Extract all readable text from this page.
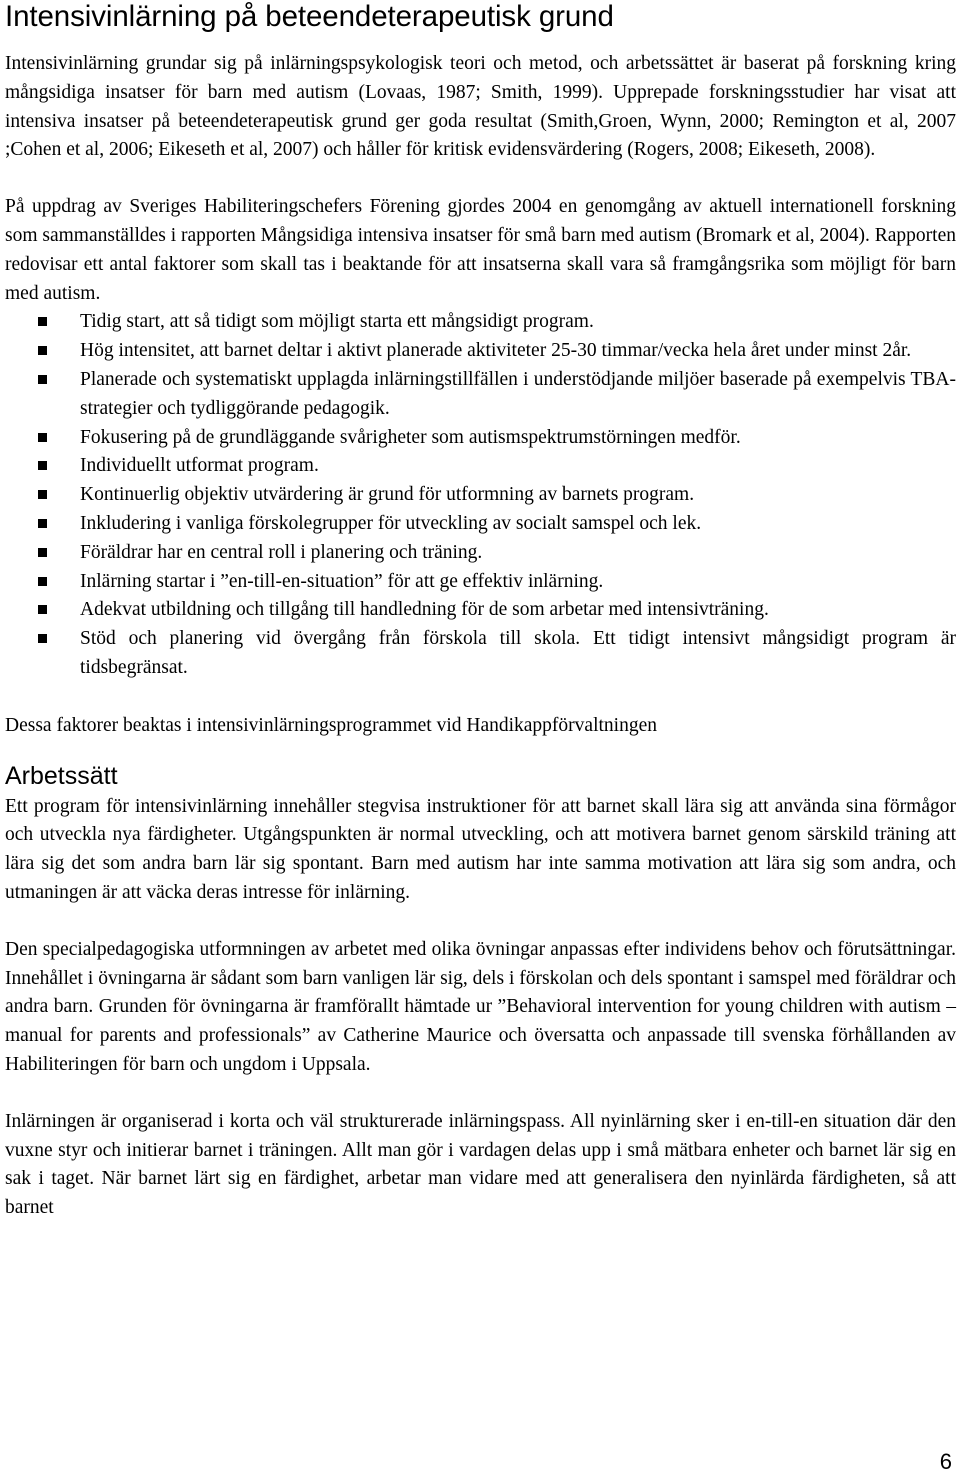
Intensivinlärning på beteendeterapeutisk grund

Intensivinlärning grundar sig på inlärningspsykologisk teori och metod, och arbetssättet är baserat på forskning kring mångsidiga insatser för barn med autism (Lovaas, 1987; Smith, 1999). Upprepade forskningsstudier har visat att intensiva insatser på beteendeterapeutisk grund ger goda resultat (Smith,Groen, Wynn, 2000; Remington et al, 2007 ;Cohen et al, 2006; Eikeseth et al, 2007) och håller för kritisk evidensvärdering (Rogers, 2008; Eikeseth, 2008).

På uppdrag av Sveriges Habiliteringschefers Förening gjordes 2004 en genomgång av aktuell internationell forskning som sammanställdes i rapporten Mångsidiga intensiva insatser för små barn med autism (Bromark et al, 2004). Rapporten redovisar ett antal faktorer som skall tas i beaktande för att insatserna skall vara så framgångsrika som möjligt för barn med autism.

Tidig start, att så tidigt som möjligt starta ett mångsidigt program.
Hög intensitet, att barnet deltar i aktivt planerade aktiviteter 25-30 timmar/vecka hela året under minst 2år.
Planerade och systematiskt upplagda inlärningstillfällen i understödjande miljöer baserade på exempelvis TBA-strategier och tydliggörande pedagogik.
Fokusering på de grundläggande svårigheter som autismspektrumstörningen medför.
Individuellt utformat program.
Kontinuerlig objektiv utvärdering är grund för utformning av barnets program.
Inkludering i vanliga förskolegrupper för utveckling av socialt samspel och lek.
Föräldrar har en central roll i planering och träning.
Inlärning startar i ”en-till-en-situation” för att ge effektiv inlärning.
Adekvat utbildning och tillgång till handledning för de som arbetar med intensivträning.
Stöd och planering vid övergång från förskola till skola. Ett tidigt intensivt mångsidigt program är tidsbegränsat.

Dessa faktorer beaktas i intensivinlärningsprogrammet vid Handikappförvaltningen

Arbetssätt

Ett program för intensivinlärning innehåller stegvisa instruktioner för att barnet skall lära sig att använda sina förmågor och utveckla nya färdigheter. Utgångspunkten är normal utveckling, och att motivera barnet genom särskild träning att lära sig det som andra barn lär sig spontant. Barn med autism har inte samma motivation att lära sig som andra, och utmaningen är att väcka deras intresse för inlärning.

Den specialpedagogiska utformningen av arbetet med olika övningar anpassas efter individens behov och förutsättningar. Innehållet i övningarna är sådant som barn vanligen lär sig, dels i förskolan och dels spontant i samspel med föräldrar och andra barn. Grunden för övningarna är framförallt hämtade ur ”Behavioral intervention for young children with autism – manual for parents and professionals” av Catherine Maurice och översatta och anpassade till svenska förhållanden av Habiliteringen för barn och ungdom i Uppsala.

Inlärningen är organiserad i korta och väl strukturerade inlärningspass. All nyinlärning sker i en-till-en situation där den vuxne styr och initierar barnet i träningen. Allt man gör i vardagen delas upp i små mätbara enheter och barnet lär sig en sak i taget. När barnet lärt sig en färdighet, arbetar man vidare med att generalisera den nyinlärda färdigheten, så att barnet

6
